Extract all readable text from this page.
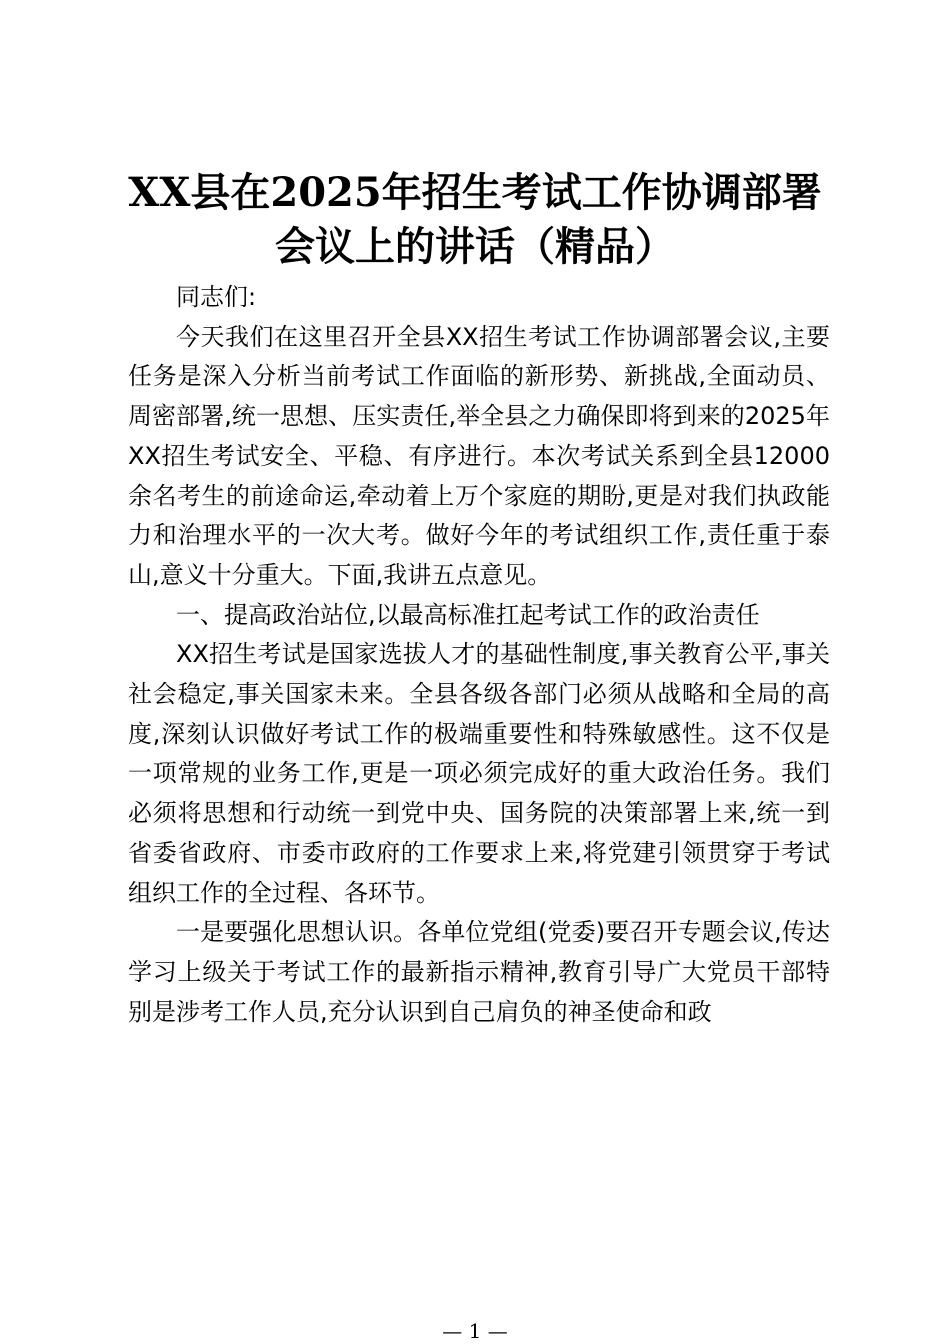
XX县在2025年招生考试工作协调部署
会议上的讲话（精品）

同志们:

今天我们在这里召开全县XX招生考试工作协调部署会议,主要任务是深入分析当前考试工作面临的新形势、新挑战,全面动员、周密部署,统一思想、压实责任,举全县之力确保即将到来的2025年XX招生考试安全、平稳、有序进行。本次考试关系到全县12000余名考生的前途命运,牵动着上万个家庭的期盼,更是对我们执政能力和治理水平的一次大考。做好今年的考试组织工作,责任重于泰山,意义十分重大。下面,我讲五点意见。

一、提高政治站位,以最高标准扛起考试工作的政治责任

XX招生考试是国家选拔人才的基础性制度,事关教育公平,事关社会稳定,事关国家未来。全县各级各部门必须从战略和全局的高度,深刻认识做好考试工作的极端重要性和特殊敏感性。这不仅是一项常规的业务工作,更是一项必须完成好的重大政治任务。我们必须将思想和行动统一到党中央、国务院的决策部署上来,统一到省委省政府、市委市政府的工作要求上来,将党建引领贯穿于考试组织工作的全过程、各环节。

一是要强化思想认识。各单位党组(党委)要召开专题会议,传达学习上级关于考试工作的最新指示精神,教育引导广大党员干部特别是涉考工作人员,充分认识到自己肩负的神圣使命和政

— 1 —
